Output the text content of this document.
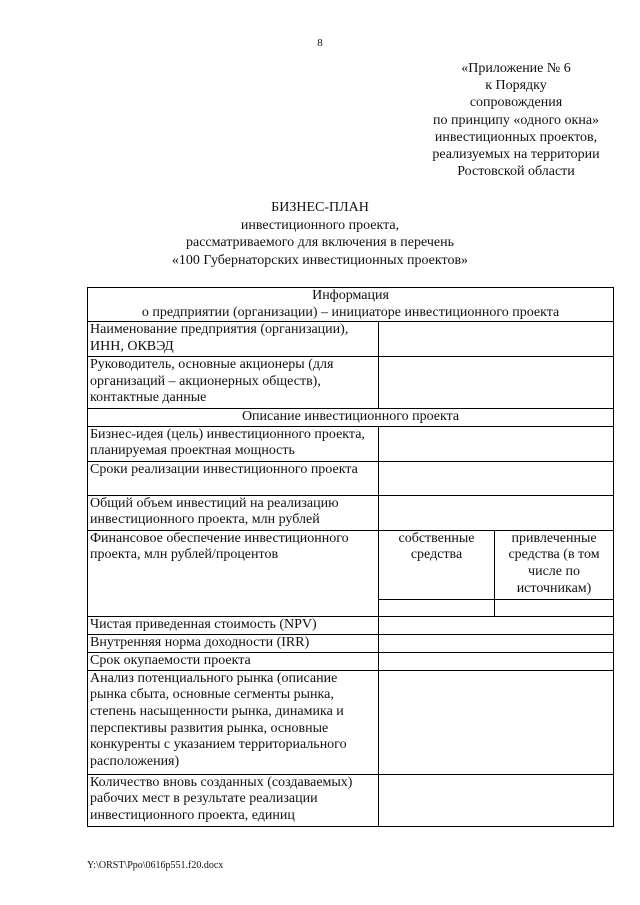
8
«Приложение № 6
к Порядку
сопровождения
по принципу «одного окна»
инвестиционных проектов,
реализуемых на территории
Ростовской области
БИЗНЕС-ПЛАН
инвестиционного проекта,
рассматриваемого для включения в перечень
«100 Губернаторских инвестиционных проектов»
Информация
о предприятии (организации) – инициаторе инвестиционного проекта		

Наименование предприятия (организации), ИНН, ОКВЭД		
Руководитель, основные акционеры (для организаций – акционерных обществ), контактные данные		
Описание инвестиционного проекта		
Бизнес-идея (цель) инвестиционного проекта, планируемая проектная мощность		
Сроки реализации инвестиционного проекта		
Общий объем инвестиций на реализацию инвестиционного проекта, млн рублей		
Финансовое обеспечение инвестиционного проекта, млн рублей/процентов	собственные средства	привлеченные средства (в том числе по источникам)

Чистая приведенная стоимость (NPV)		
Внутренняя норма доходности (IRR)		
Срок окупаемости проекта		
Анализ потенциального рынка (описание рынка сбыта, основные сегменты рынка, степень насыщенности рынка, динамика и перспективы развития рынка, основные конкуренты с указанием территориального расположения)		
Количество вновь созданных (создаваемых) рабочих мест в результате реализации инвестиционного проекта, единиц		
Y:\ORST\Ppo\0616p551.f20.docx
